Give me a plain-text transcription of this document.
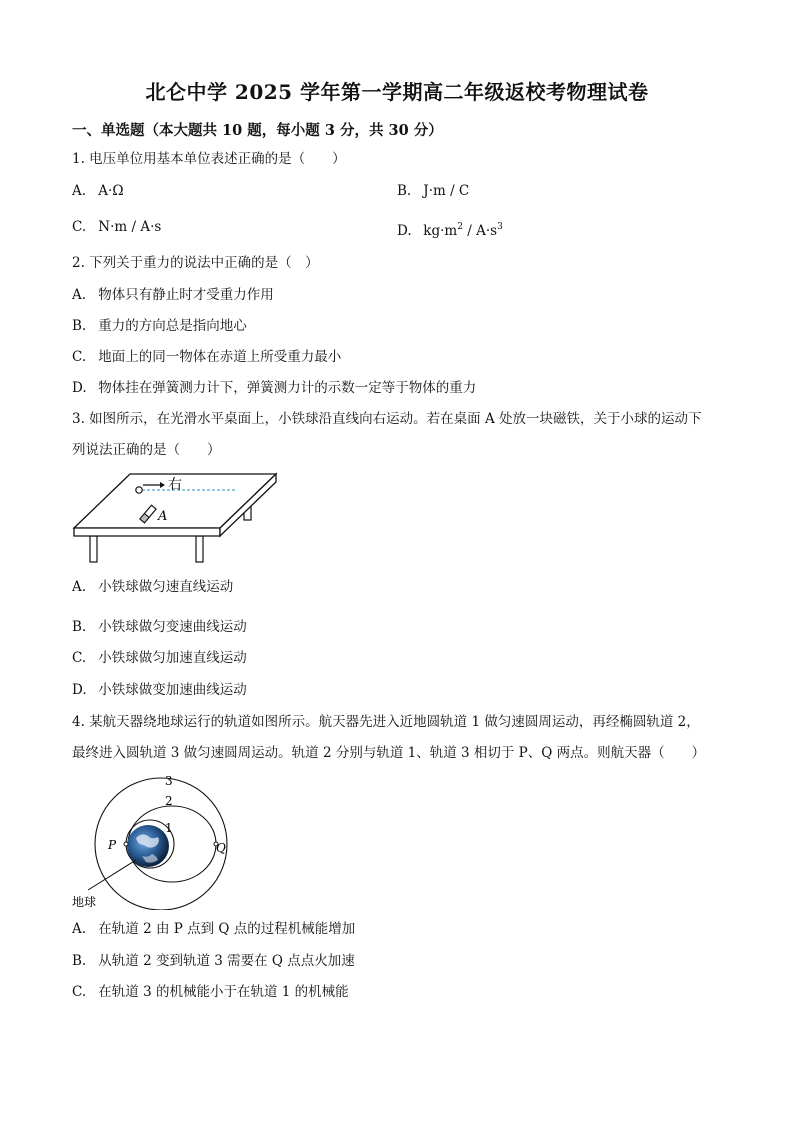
北仑中学 2025 学年第一学期高二年级返校考物理试卷
一、单选题（本大题共 10 题，每小题 3 分，共 30 分）
1. 电压单位用基本单位表述正确的是（　　）
A. A·Ω	B. J·m / C
C. N·m / A·s	D. $kg\cdot m^2 / A\cdot s^3$
2. 下列关于重力的说法中正确的是（　）
A. 物体只有静止时才受重力作用
B. 重力的方向总是指向地心
C. 地面上的同一物体在赤道上所受重力最小
D. 物体挂在弹簧测力计下，弹簧测力计的示数一定等于物体的重力
3. 如图所示，在光滑水平桌面上，小铁球沿直线向右运动。若在桌面 A 处放一块磁铁，关于小球的运动下
列说法正确的是（　　）
右
A
A. 小铁球做匀速直线运动
B. 小铁球做匀变速曲线运动
C. 小铁球做匀加速直线运动
D. 小铁球做变加速曲线运动
4. 某航天器绕地球运行的轨道如图所示。航天器先进入近地圆轨道 1 做匀速圆周运动，再经椭圆轨道 2，
最终进入圆轨道 3 做匀速圆周运动。轨道 2 分别与轨道 1、轨道 3 相切于 P、Q 两点。则航天器（　　）
3
2
1
P	Q
地球
A. 在轨道 2 由 P 点到 Q 点的过程机械能增加
B. 从轨道 2 变到轨道 3 需要在 Q 点点火加速
C. 在轨道 3 的机械能小于在轨道 1 的机械能
